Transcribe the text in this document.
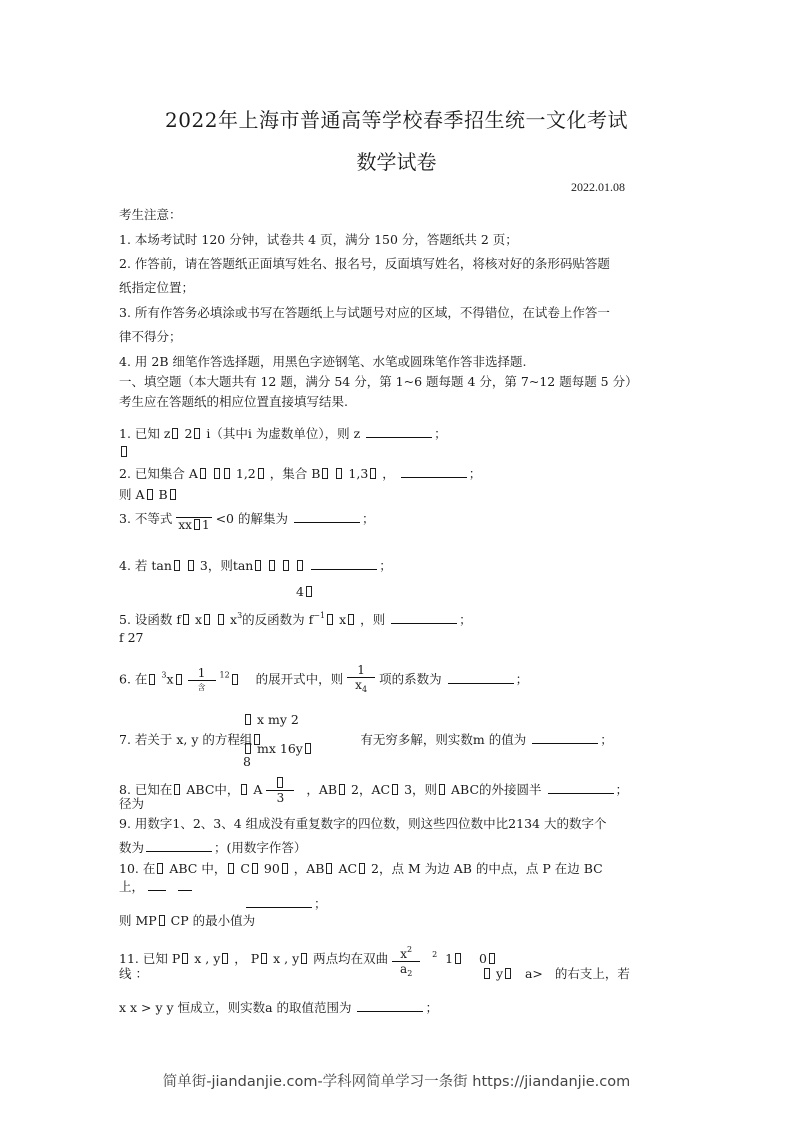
2022年上海市普通高等学校春季招生统一文化考试
数学试卷
2022.01.08
考生注意：
1. 本场考试时 120 分钟，试卷共 4 页，满分 150 分，答题纸共 2 页；
2. 作答前，请在答题纸正面填写姓名、报名号，反面填写姓名，将核对好的条形码贴答题
纸指定位置；
3. 所有作答务必填涂或书写在答题纸上与试题号对应的区域，不得错位，在试卷上作答一
律不得分；
4. 用 2B 细笔作答选择题，用黑色字迹钢笔、水笔或圆珠笔作答非选择题.
一、填空题（本大题共有 12 题，满分 54 分，第 1~6 题每题 4 分，第 7~12 题每题 5 分）
考生应在答题纸的相应位置直接填写结果.
1. 已知 z 2 i（其中i 为虚数单位），则 z	；
2. 已知集合 A	1,2 ，集合 B 1,3 ，	；
则 A B
3. 不等式 xx 1 <0 的解集为	；
4. 若 tan 3，则tan	；
4
5. 设函数 f x $x^3$的反函数为 $f^{-1}$ x ，则	；
f 27
6. 在 $^3x \frac{1}{\text{含}} ^{12}$ 的展开式中，则 $\frac{1}{x_4}$ 项的系数为	；
x my 2
7. 若关于 x, y 的方程组	有无穷多解，则实数m 的值为	；
mx 16y
8
8. 已知在 ABC中， A
3
，AB 2，AC 3，则 ABC的外接圆半	；
径为
9. 用数字1、2、3、4 组成没有重复数字的四位数，则这些四位数中比2134 大的数字个
数为	；(用数字作答）
10. 在 ABC 中， C 90 ，AB AC 2，点 M 为边 AB 的中点，点 P 在边 BC
上，
；
则 MP CP 的最小值为
11. 已知 P x , y ， P x , y 两点均在双曲 $\frac{x^2}{a_2} ^2$ 1 0
线 ：	y a> 的右支上，若
x x > y y 恒成立，则实数a 的取值范围为	；
简单街-jiandanjie.com-学科网简单学习一条街 https://jiandanjie.com
